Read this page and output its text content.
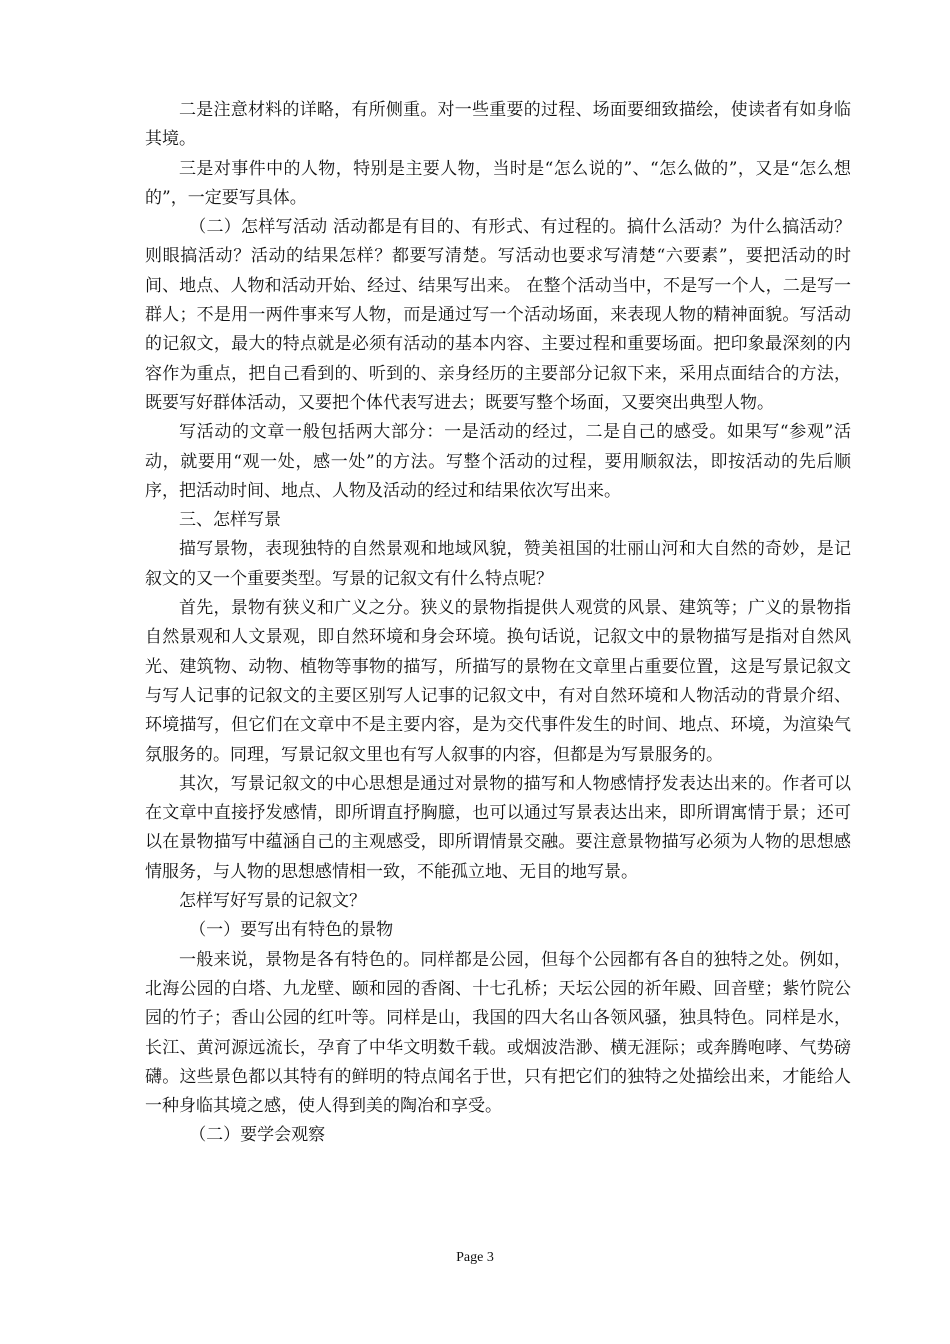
二是注意材料的详略，有所侧重。对一些重要的过程、场面要细致描绘，使读者有如身临其境。

三是对事件中的人物，特别是主要人物，当时是“怎么说的”、“怎么做的”，又是“怎么想的”，一定要写具体。

（二）怎样写活动 活动都是有目的、有形式、有过程的。搞什么活动？为什么搞活动？则眼搞活动？活动的结果怎样？都要写清楚。写活动也要求写清楚“六要素”，要把活动的时间、地点、人物和活动开始、经过、结果写出来。 在整个活动当中，不是写一个人，二是写一群人；不是用一两件事来写人物，而是通过写一个活动场面，来表现人物的精神面貌。写活动的记叙文，最大的特点就是必须有活动的基本内容、主要过程和重要场面。把印象最深刻的内容作为重点，把自己看到的、听到的、亲身经历的主要部分记叙下来，采用点面结合的方法，既要写好群体活动，又要把个体代表写进去；既要写整个场面，又要突出典型人物。

写活动的文章一般包括两大部分：一是活动的经过，二是自己的感受。如果写“参观”活动，就要用“观一处，感一处”的方法。写整个活动的过程，要用顺叙法，即按活动的先后顺序，把活动时间、地点、人物及活动的经过和结果依次写出来。

三、怎样写景

描写景物，表现独特的自然景观和地域风貌，赞美祖国的壮丽山河和大自然的奇妙，是记叙文的又一个重要类型。写景的记叙文有什么特点呢？

首先，景物有狭义和广义之分。狭义的景物指提供人观赏的风景、建筑等；广义的景物指自然景观和人文景观，即自然环境和身会环境。换句话说，记叙文中的景物描写是指对自然风光、建筑物、动物、植物等事物的描写，所描写的景物在文章里占重要位置，这是写景记叙文与写人记事的记叙文的主要区别写人记事的记叙文中，有对自然环境和人物活动的背景介绍、环境描写，但它们在文章中不是主要内容，是为交代事件发生的时间、地点、环境，为渲染气氛服务的。同理，写景记叙文里也有写人叙事的内容，但都是为写景服务的。

其次，写景记叙文的中心思想是通过对景物的描写和人物感情抒发表达出来的。作者可以在文章中直接抒发感情，即所谓直抒胸臆，也可以通过写景表达出来，即所谓寓情于景；还可以在景物描写中蕴涵自己的主观感受，即所谓情景交融。要注意景物描写必须为人物的思想感情服务，与人物的思想感情相一致，不能孤立地、无目的地写景。

怎样写好写景的记叙文？

（一）要写出有特色的景物

一般来说，景物是各有特色的。同样都是公园，但每个公园都有各自的独特之处。例如，北海公园的白塔、九龙壁、颐和园的香阁、十七孔桥；天坛公园的祈年殿、回音壁；紫竹院公园的竹子；香山公园的红叶等。同样是山，我国的四大名山各领风骚，独具特色。同样是水，长江、黄河源远流长，孕育了中华文明数千载。或烟波浩渺、横无涯际；或奔腾咆哮、气势磅礴。这些景色都以其特有的鲜明的特点闻名于世，只有把它们的独特之处描绘出来，才能给人一种身临其境之感，使人得到美的陶冶和享受。

（二）要学会观察

Page 3
